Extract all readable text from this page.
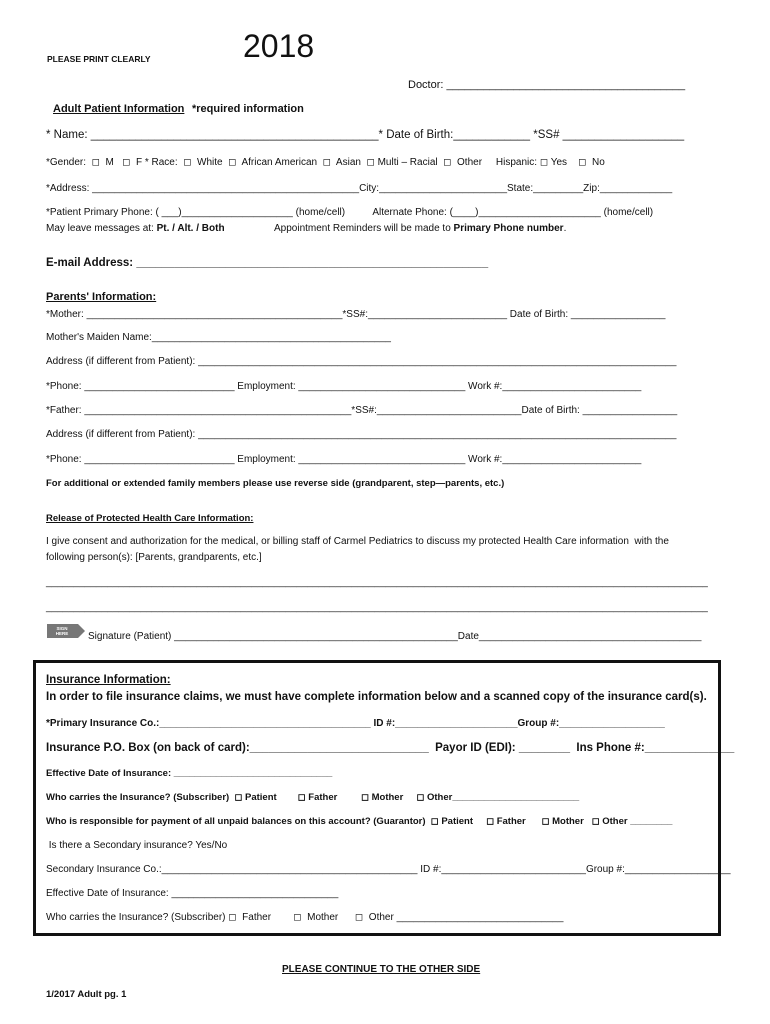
PLEASE PRINT CLEARLY	2018
Doctor: _______________________________________
Adult Patient Information *required information
* Name: _____________________________________________* Date of Birth:____________ *SS# ___________________
*Gender:  ◻  M   ◻  F * Race:  ◻  White  ◻  African American  ◻  Asian  ◻ Multi – Racial  ◻  Other     Hispanic: ◻ Yes    ◻  No
*Address: ________________________________________________City:_______________________State:_________Zip:_____________
*Patient Primary Phone: ( ___)____________________ (home/cell)          Alternate Phone: (____)______________________ (home/cell)
May leave messages at: Pt. / Alt. / Both	Appointment Reminders will be made to Primary Phone number.
E-mail Address: _______________________________________________________
Parents' Information:
*Mother: ______________________________________________*SS#:_________________________ Date of Birth: _________________
Mother's Maiden Name:___________________________________________
Address (if different from Patient): ______________________________________________________________________________________
*Phone: ___________________________ Employment: ______________________________ Work #:_________________________
*Father: ________________________________________________*SS#:__________________________Date of Birth: _________________
Address (if different from Patient): ______________________________________________________________________________________
*Phone: ___________________________ Employment: ______________________________ Work #:_________________________
For additional or extended family members please use reverse side (grandparent, step—parents, etc.)
Release of Protected Health Care Information:
I give consent and authorization for the medical, or billing staff of Carmel Pediatrics to discuss my protected Health Care information  with the
following person(s): [Parents, grandparents, etc.]
_______________________________________________________________________________________________________________________
_______________________________________________________________________________________________________________________
SIGN
HERE Signature (Patient) ___________________________________________________Date________________________________________
Insurance Information:
In order to file insurance claims, we must have complete information below and a scanned copy of the insurance card(s).
*Primary Insurance Co.:______________________________________ ID #:______________________Group #:___________________
Insurance P.O. Box (on back of card):____________________________  Payor ID (EDI): ________  Ins Phone #:______________
Effective Date of Insurance: ______________________________
Who carries the Insurance? (Subscriber)  ◻ Patient        ◻ Father         ◻ Mother     ◻ Other________________________
Who is responsible for payment of all unpaid balances on this account? (Guarantor)  ◻ Patient     ◻ Father      ◻ Mother   ◻ Other ________
Is there a Secondary insurance? Yes/No
Secondary Insurance Co.:______________________________________________ ID #:__________________________Group #:___________________
Effective Date of Insurance: ______________________________
Who carries the Insurance? (Subscriber) ◻  Father        ◻  Mother      ◻  Other ______________________________
PLEASE CONTINUE TO THE OTHER SIDE
1/2017 Adult pg. 1
